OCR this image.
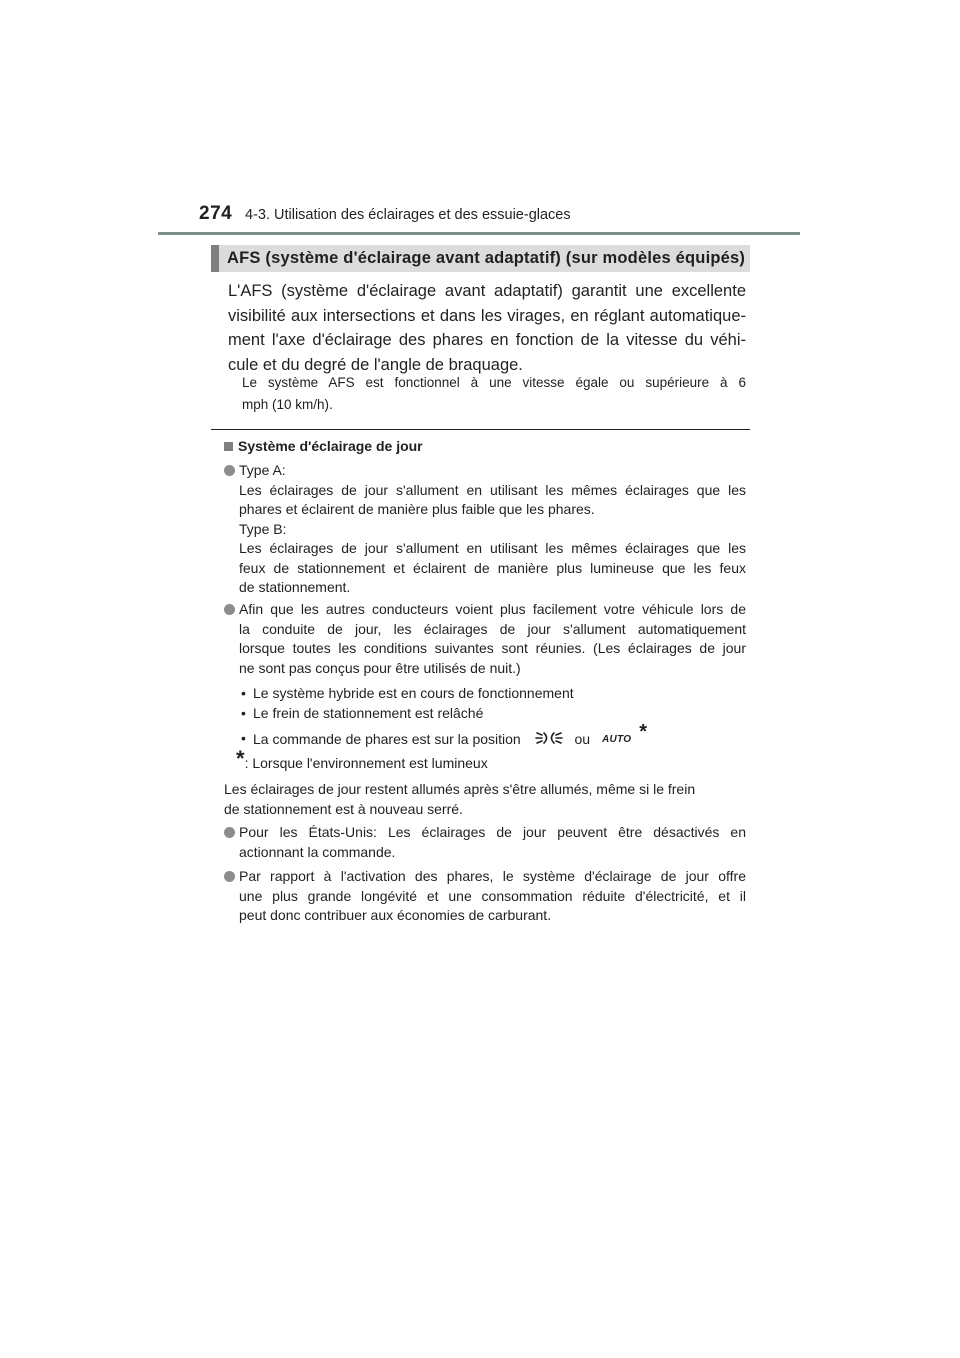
274 4-3. Utilisation des éclairages et des essuie-glaces
AFS (système d'éclairage avant adaptatif) (sur modèles équipés)
L'AFS (système d'éclairage avant adaptatif) garantit une excellente
visibilité aux intersections et dans les virages, en réglant automatique-
ment l'axe d'éclairage des phares en fonction de la vitesse du véhi-
cule et du degré de l'angle de braquage.
Le système AFS est fonctionnel à une vitesse égale ou supérieure à 6
mph (10 km/h).
Système d'éclairage de jour
Type A:
Les éclairages de jour s'allument en utilisant les mêmes éclairages que les
phares et éclairent de manière plus faible que les phares.
Type B:
Les éclairages de jour s'allument en utilisant les mêmes éclairages que les
feux de stationnement et éclairent de manière plus lumineuse que les feux
de stationnement.
Afin que les autres conducteurs voient plus facilement votre véhicule lors de
la conduite de jour, les éclairages de jour s'allument automatiquement
lorsque toutes les conditions suivantes sont réunies. (Les éclairages de jour
ne sont pas conçus pour être utilisés de nuit.)
• Le système hybride est en cours de fonctionnement
• Le frein de stationnement est relâché
• La commande de phares est sur la position	ou AUTO *
* : Lorsque l'environnement est lumineux
Les éclairages de jour restent allumés après s'être allumés, même si le frein
de stationnement est à nouveau serré.
Pour les États-Unis: Les éclairages de jour peuvent être désactivés en
actionnant la commande.
Par rapport à l'activation des phares, le système d'éclairage de jour offre
une plus grande longévité et une consommation réduite d'électricité, et il
peut donc contribuer aux économies de carburant.
